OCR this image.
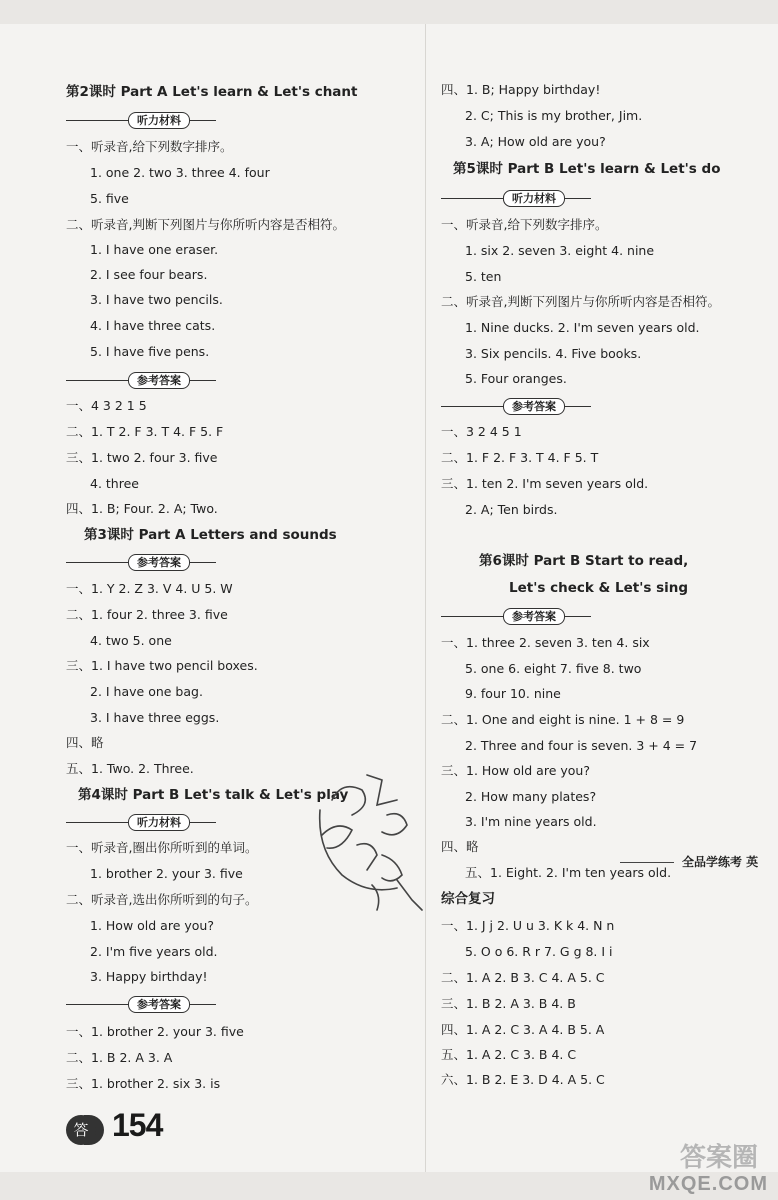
第2课时 Part A Let's learn & Let's chant
听力材料
一、听录音,给下列数字排序。
1. one 2. two 3. three 4. four
5. five
二、听录音,判断下列图片与你所听内容是否相符。
1. I have one eraser.
2. I see four bears.
3. I have two pencils.
4. I have three cats.
5. I have five pens.
参考答案
一、4 3 2 1 5
二、1. T 2. F 3. T 4. F 5. F
三、1. two 2. four 3. five
4. three
四、1. B; Four. 2. A; Two.
第3课时 Part A Letters and sounds
参考答案
一、1. Y 2. Z 3. V 4. U 5. W
二、1. four 2. three 3. five
4. two 5. one
三、1. I have two pencil boxes.
2. I have one bag.
3. I have three eggs.
四、略
五、1. Two. 2. Three.
第4课时 Part B Let's talk & Let's play
听力材料
一、听录音,圈出你所听到的单词。
1. brother 2. your 3. five
二、听录音,选出你所听到的句子。
1. How old are you?
2. I'm five years old.
3. Happy birthday!
参考答案
一、1. brother 2. your 3. five
二、1. B 2. A 3. A
三、1. brother 2. six 3. is
四、1. B; Happy birthday!
2. C; This is my brother, Jim.
3. A; How old are you?
第5课时 Part B Let's learn & Let's do
一、听录音,给下列数字排序。
1. six 2. seven 3. eight 4. nine
5. ten
二、听录音,判断下列图片与你所听内容是否相符。
1. Nine ducks. 2. I'm seven years old.
3. Six pencils. 4. Five books.
5. Four oranges.
参考答案
一、3 2 4 5 1
二、1. F 2. F 3. T 4. F 5. T
三、1. ten 2. I'm seven years old.
2. A; Ten birds.
第6课时 Part B Start to read,
Let's check & Let's sing
参考答案
一、1. three 2. seven 3. ten 4. six
5. one 6. eight 7. five 8. two
9. four 10. nine
二、1. One and eight is nine. 1 + 8 = 9
2. Three and four is seven. 3 + 4 = 7
三、1. How old are you?
2. How many plates?
3. I'm nine years old.
四、略
五、1. Eight. 2. I'm ten years old.
综合复习
一、1. J j 2. U u 3. K k 4. N n
5. O o 6. R r 7. G g 8. I i
二、1. A 2. B 3. C 4. A 5. C
三、1. B 2. A 3. B 4. B
四、1. A 2. C 3. A 4. B 5. A
五、1. A 2. C 3. B 4. C
六、1. B 2. E 3. D 4. A 5. C
听力材料
全品学练考 英
答 154
答案圈
MXQE.COM
